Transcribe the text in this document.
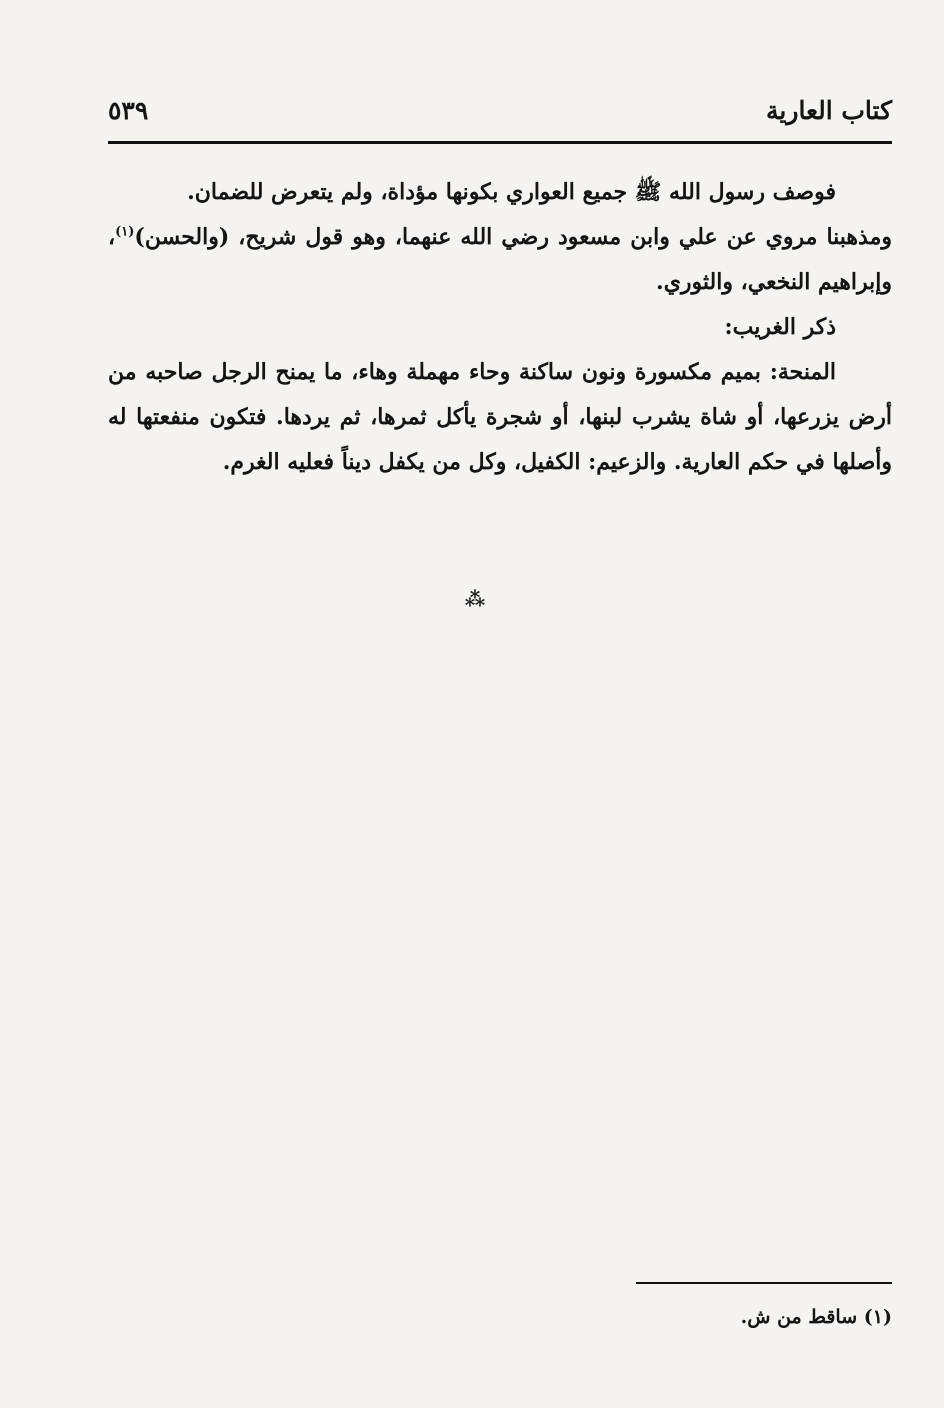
كتاب العارية
٥٣٩

فوصف رسول الله ﷺ جميع العواري بكونها مؤداة، ولم يتعرض للضمان.

ومذهبنا مروي عن علي وابن مسعود رضي الله عنهما، وهو قول شريح، (والحسن)$^{(١)}$، وإبراهيم النخعي، والثوري.

ذكر الغريب:

المنحة: بميم مكسورة ونون ساكنة وحاء مهملة وهاء، ما يمنح الرجل صاحبه من أرض يزرعها، أو شاة يشرب لبنها، أو شجرة يأكل ثمرها، ثم يردها. فتكون منفعتها له وأصلها في حكم العارية. والزعيم: الكفيل، وكل من يكفل ديناً فعليه الغرم.

⁂
(١) ساقط من ش.
